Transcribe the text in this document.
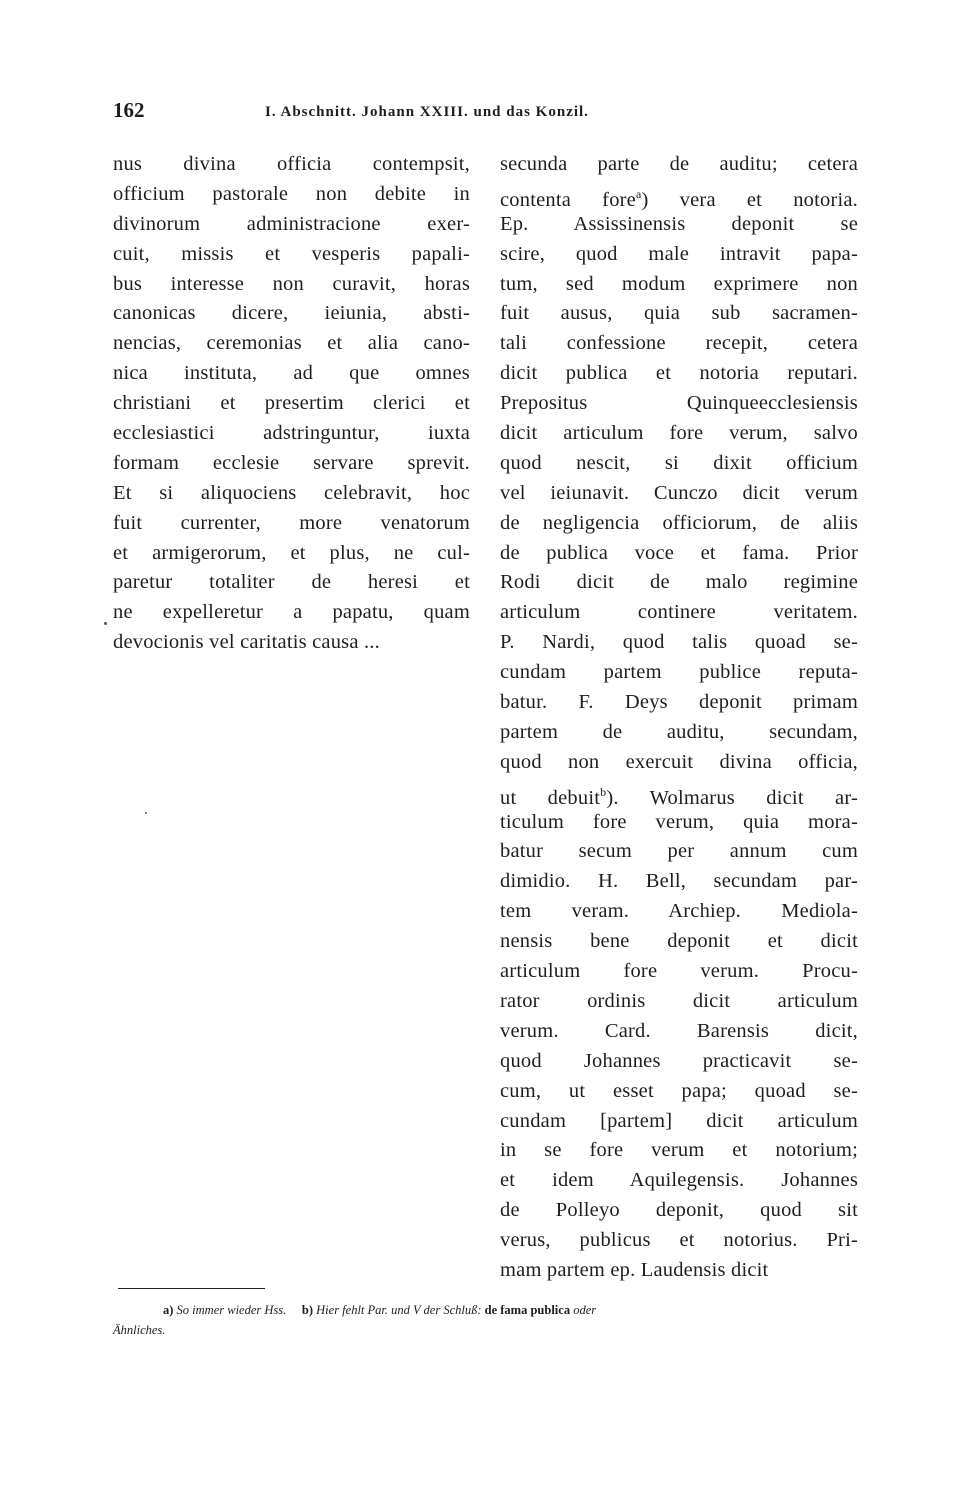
162	I. Abschnitt. Johann XXIII. und das Konzil.
nus divina officia contempsit,
officium pastorale non debite in
divinorum administracione exer-
cuit, missis et vesperis papali-
bus interesse non curavit, horas
canonicas dicere, ieiunia, absti-
nencias, ceremonias et alia cano-
nica instituta, ad que omnes
christiani et presertim clerici et
ecclesiastici adstringuntur, iuxta
formam ecclesie servare sprevit.
Et si aliquociens celebravit, hoc
fuit currenter, more venatorum
et armigerorum, et plus, ne cul-
paretur totaliter de heresi et
ne expelleretur a papatu, quam
devocionis vel caritatis causa ...
secunda parte de auditu; cetera
contenta fore$^a$) vera et notoria.
Ep. Assissinensis deponit se
scire, quod male intravit papa-
tum, sed modum exprimere non
fuit ausus, quia sub sacramen-
tali confessione recepit, cetera
dicit publica et notoria reputari.
Prepositus Quinqueecclesiensis
dicit articulum fore verum, salvo
quod nescit, si dixit officium
vel ieiunavit. Cunczo dicit verum
de negligencia officiorum, de aliis
de publica voce et fama. Prior
Rodi dicit de malo regimine
articulum continere veritatem.
P. Nardi, quod talis quoad se-
cundam partem publice reputa-
batur. F. Deys deponit primam
partem de auditu, secundam,
quod non exercuit divina officia,
ut debuit$^b$). Wolmarus dicit ar-
ticulum fore verum, quia mora-
batur secum per annum cum
dimidio. H. Bell, secundam par-
tem veram. Archiep. Mediola-
nensis bene deponit et dicit
articulum fore verum. Procu-
rator ordinis dicit articulum
verum. Card. Barensis dicit,
quod Johannes practicavit se-
cum, ut esset papa; quoad se-
cundam [partem] dicit articulum
in se fore verum et notorium;
et idem Aquilegensis. Johannes
de Polleyo deponit, quod sit
verus, publicus et notorius. Pri-
mam partem ep. Laudensis dicit
a) So immer wieder Hss. b) Hier fehlt Par. und V der Schluß: de fama publica oder
Ähnliches.
